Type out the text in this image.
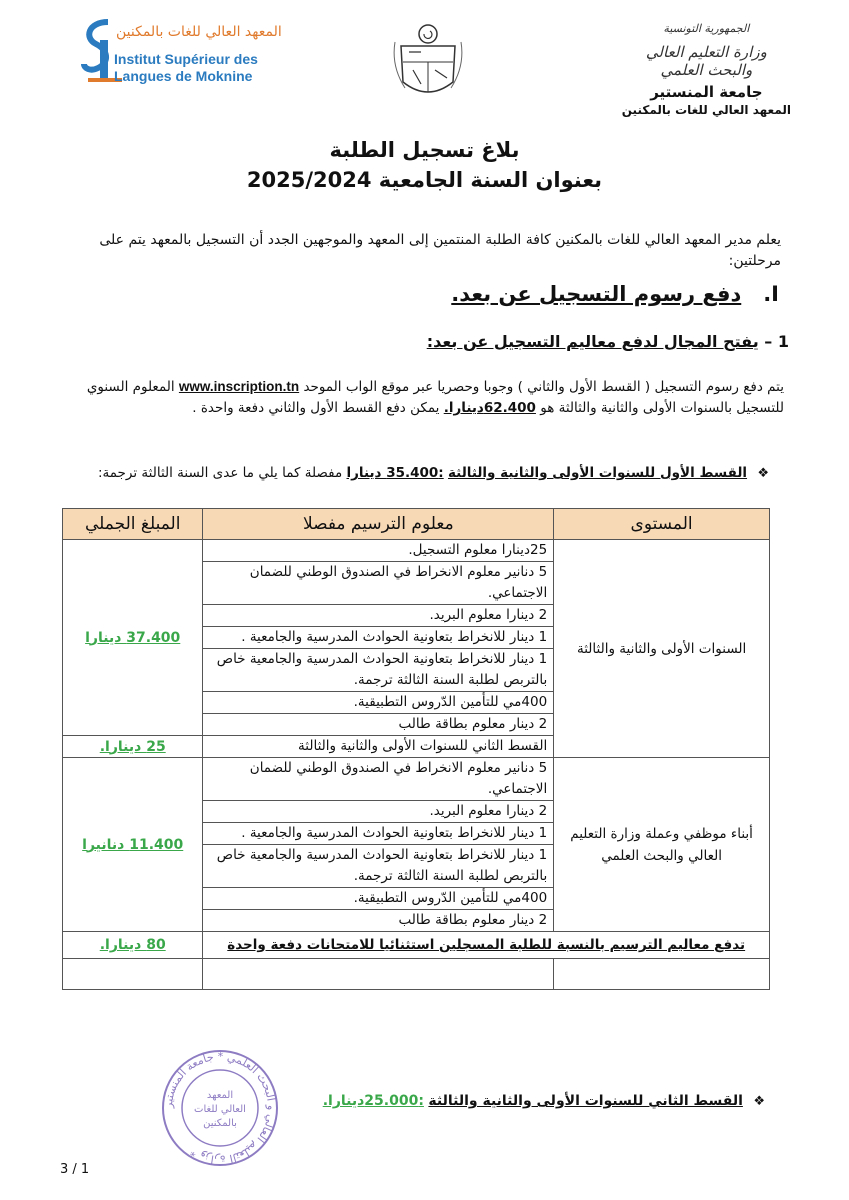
المعهد العالي للغات بالمكنين
Institut Supérieur des
Langues de Moknine
الجمهورية التونسية
وزارة التعليم العالي
والبحث العلمي
جامعة المنستير
المعهد العالي للغات بالمكنين
بلاغ تسجيل الطلبة
بعنوان السنة الجامعية 2025/2024
يعلم مدير المعهد العالي للغات بالمكنين كافة الطلبة المنتمين إلى المعهد والموجهين الجدد أن التسجيل بالمعهد يتم على مرحلتين:
I.   دفع رسوم التسجيل عن بعد.
1 – يفتح المجال لدفع معاليم التسجيل عن بعد:
يتم دفع رسوم التسجيل ( القسط الأول والثاني ) وجوبا وحصريا عبر موقع الواب الموحد www.inscription.tn المعلوم السنوي للتسجيل بالسنوات الأولى والثانية والثالثة هو 62.400دينارا. يمكن دفع القسط الأول والثاني دفعة واحدة .
❖ القسط الأول للسنوات الأولى والثانية والثالثة :35.400 دينارا مفصلة كما يلي ما عدى السنة الثالثة ترجمة:
المستوى	معلوم الترسيم مفصلا	المبلغ الجملي
السنوات الأولى والثانية والثالثة	25دينارا معلوم التسجيل.	37.400 دينارا
	5 دنانير معلوم الانخراط في الصندوق الوطني للضمان الاجتماعي.	
	2 دينارا معلوم البريد.	
	1 دينار للانخراط بتعاونية الحوادث المدرسية والجامعية .	
	1 دينار للانخراط بتعاونية الحوادث المدرسية والجامعية خاص بالتربص لطلبة السنة الثالثة ترجمة.	
	400مي للتأمين الدّروس التطبيقية.	
	2 دينار معلوم بطاقة طالب	
	القسط الثاني للسنوات الأولى والثانية والثالثة	25 دينارا.
أبناء موظفي وعملة وزارة التعليم العالي والبحث العلمي	5 دنانير معلوم الانخراط في الصندوق الوطني للضمان الاجتماعي.	11.400 دنانيرا
	2 دينارا معلوم البريد.	
	1 دينار للانخراط بتعاونية الحوادث المدرسية والجامعية .	
	1 دينار للانخراط بتعاونية الحوادث المدرسية والجامعية خاص بالتربص لطلبة السنة الثالثة ترجمة.	
	400مي للتأمين الدّروس التطبيقية.	
	2 دينار معلوم بطاقة طالب	
تدفع معاليم الترسيم بالنسبة للطلبة المسجلين استثنائيا للامتحانات دفعة واحدة		80 دينارا.

❖ القسط الثاني للسنوات الأولى والثانية والثالثة :25.000دينارا.
وزارة التعليم العالي و البحث العلمي * جامعة المنستير *
المعهد
العالي للغات
بالمكنين
3 / 1
